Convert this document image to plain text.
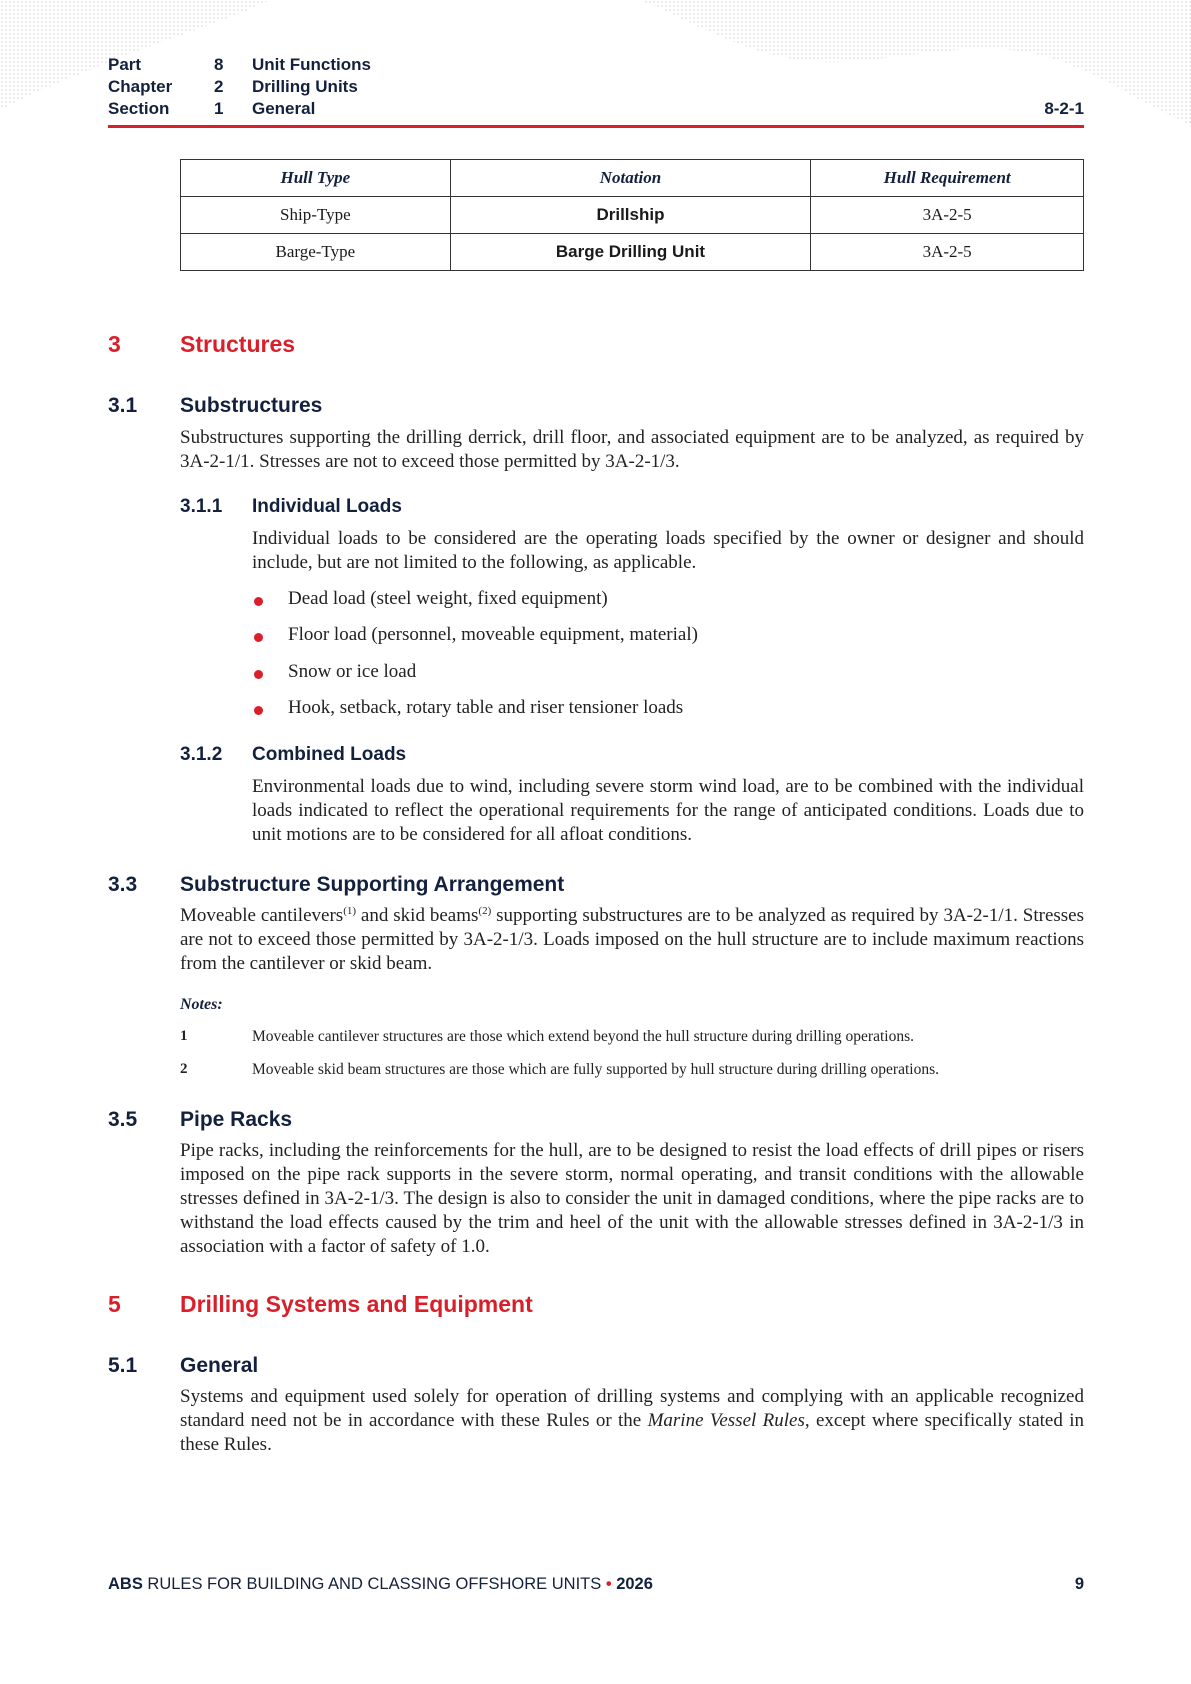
Part	8 Unit Functions
Chapter 2 Drilling Units
Section	1 General	8-2-1
Hull Type	Notation	Hull Requirement
Ship-Type	Drillship	3A-2-5
Barge-Type	Barge Drilling Unit	3A-2-5
3	Structures
3.1 Substructures
Substructures supporting the drilling derrick, drill floor, and associated equipment are to be analyzed, as required by 3A-2-1/1. Stresses are not to exceed those permitted by 3A-2-1/3.
3.1.1 Individual Loads
Individual loads to be considered are the operating loads specified by the owner or designer and should include, but are not limited to the following, as applicable.
Dead load (steel weight, fixed equipment)
Floor load (personnel, moveable equipment, material)
Snow or ice load
Hook, setback, rotary table and riser tensioner loads
3.1.2 Combined Loads
Environmental loads due to wind, including severe storm wind load, are to be combined with the individual loads indicated to reflect the operational requirements for the range of anticipated conditions. Loads due to unit motions are to be considered for all afloat conditions.
3.3 Substructure Supporting Arrangement
Moveable cantilevers$^{(1)}$ and skid beams$^{(2)}$ supporting substructures are to be analyzed as required by 3A-2-1/1. Stresses are not to exceed those permitted by 3A-2-1/3. Loads imposed on the hull structure are to include maximum reactions from the cantilever or skid beam.
Notes:
1	Moveable cantilever structures are those which extend beyond the hull structure during drilling operations.
2	Moveable skid beam structures are those which are fully supported by hull structure during drilling operations.
3.5 Pipe Racks
Pipe racks, including the reinforcements for the hull, are to be designed to resist the load effects of drill pipes or risers imposed on the pipe rack supports in the severe storm, normal operating, and transit conditions with the allowable stresses defined in 3A-2-1/3. The design is also to consider the unit in damaged conditions, where the pipe racks are to withstand the load effects caused by the trim and heel of the unit with the allowable stresses defined in 3A-2-1/3 in association with a factor of safety of 1.0.
5	Drilling Systems and Equipment
5.1 General
Systems and equipment used solely for operation of drilling systems and complying with an applicable recognized standard need not be in accordance with these Rules or the Marine Vessel Rules, except where specifically stated in these Rules.
ABS RULES FOR BUILDING AND CLASSING OFFSHORE UNITS • 2026	9
